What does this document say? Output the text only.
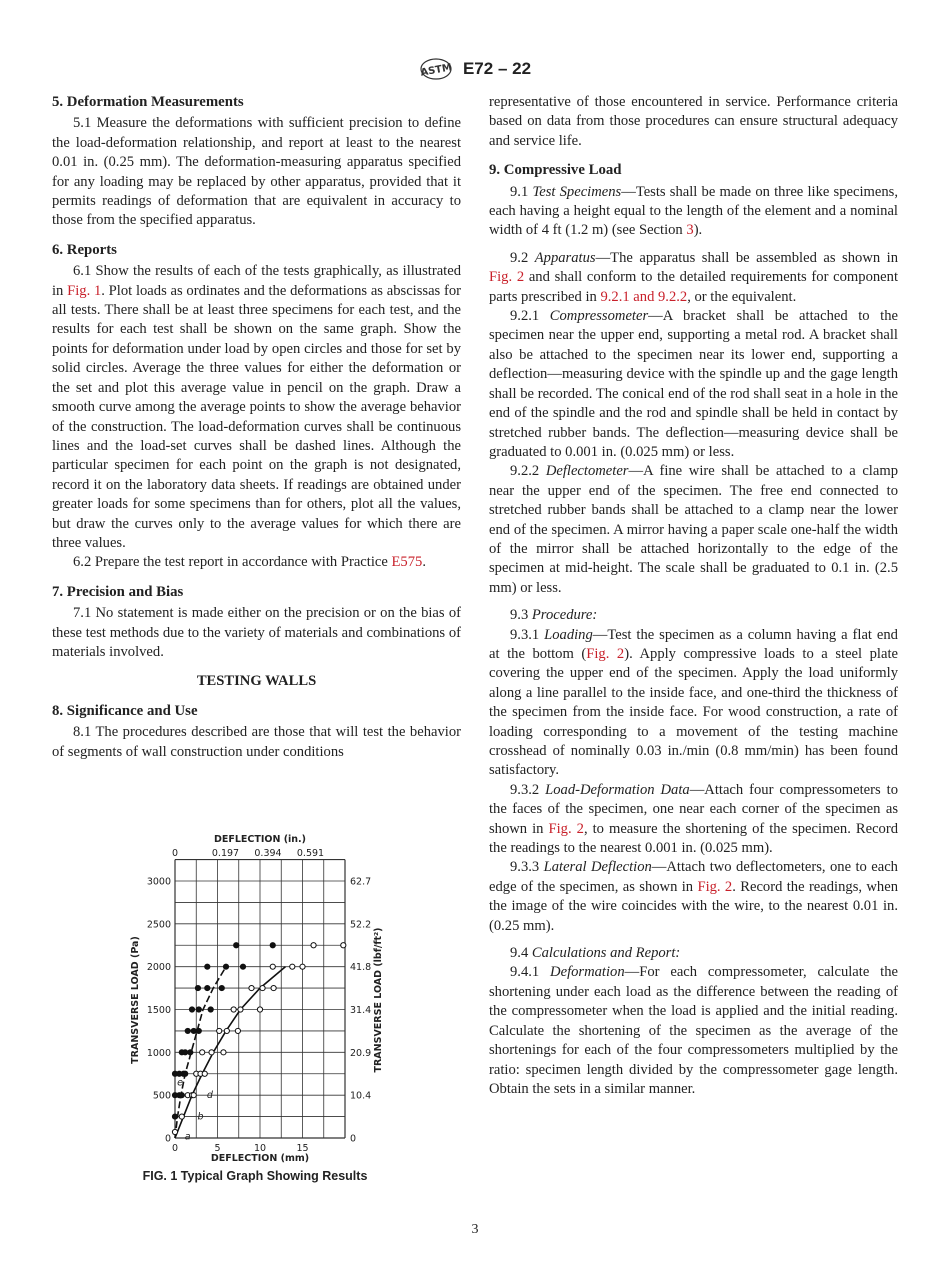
ASTM E72 – 22
5. Deformation Measurements

5.1 Measure the deformations with sufficient precision to define the load-deformation relationship, and report at least to the nearest 0.01 in. (0.25 mm). The deformation-measuring apparatus specified for any loading may be replaced by other apparatus, provided that it permits readings of deformation that are equivalent in accuracy to those from the specified apparatus.

6. Reports

6.1 Show the results of each of the tests graphically, as illustrated in Fig. 1. Plot loads as ordinates and the deformations as abscissas for all tests. There shall be at least three specimens for each test, and the results for each test shall be shown on the same graph. Show the points for deformation under load by open circles and those for set by solid circles. Average the three values for either the deformation or the set and plot this average value in pencil on the graph. Draw a smooth curve among the average points to show the average behavior of the construction. The load-deformation curves shall be continuous lines and the load-set curves shall be dashed lines. Although the particular specimen for each point on the graph is not designated, record it on the laboratory data sheets. If readings are obtained under greater loads for some specimens than for others, plot all the values, but draw the curves only to the average values for which there are three values.

6.2 Prepare the test report in accordance with Practice E575.

7. Precision and Bias

7.1 No statement is made either on the precision or on the bias of these test methods due to the variety of materials and combinations of materials involved.

TESTING WALLS
8. Significance and Use

8.1 The procedures described are those that will test the behavior of segments of wall construction under conditions

representative of those encountered in service. Performance criteria based on data from those procedures can ensure structural adequacy and service life.

9. Compressive Load

9.1 Test Specimens—Tests shall be made on three like specimens, each having a height equal to the length of the element and a nominal width of 4 ft (1.2 m) (see Section 3).

9.2 Apparatus—The apparatus shall be assembled as shown in Fig. 2 and shall conform to the detailed requirements for component parts prescribed in 9.2.1 and 9.2.2, or the equivalent.

9.2.1 Compressometer—A bracket shall be attached to the specimen near the upper end, supporting a metal rod. A bracket shall also be attached to the specimen near its lower end, supporting a deflection—measuring device with the spindle up and the gage length shall be recorded. The conical end of the rod shall seat in a hole in the end of the spindle and the rod and spindle shall be held in contact by stretched rubber bands. The deflection—measuring device shall be graduated to 0.001 in. (0.025 mm) or less.

9.2.2 Deflectometer—A fine wire shall be attached to a clamp near the upper end of the specimen. The free end connected to stretched rubber bands shall be attached to a clamp near the lower end of the specimen. A mirror having a paper scale one-half the width of the mirror shall be attached horizontally to the edge of the specimen at mid-height. The scale shall be graduated to 0.1 in. (2.5 mm) or less.

9.3 Procedure:

9.3.1 Loading—Test the specimen as a column having a flat end at the bottom (Fig. 2). Apply compressive loads to a steel plate covering the upper end of the specimen. Apply the load uniformly along a line parallel to the inside face, and one-third the thickness of the specimen from the inside face. For wood construction, a rate of loading corresponding to a movement of the testing machine crosshead of nominally 0.03 in./min (0.8 mm/min) has been found satisfactory.

9.3.2 Load-Deformation Data—Attach four compressometers to the faces of the specimen, one near each corner of the specimen as shown in Fig. 2, to measure the shortening of the specimen. Record the readings to the nearest 0.001 in. (0.025 mm).

9.3.3 Lateral Deflection—Attach two deflectometers, one to each edge of the specimen, as shown in Fig. 2. Record the readings, when the image of the wire coincides with the wire, to the nearest 0.01 in. (0.25 mm).

9.4 Calculations and Report:

9.4.1 Deformation—For each compressometer, calculate the shortening under each load as the difference between the reading of the compressometer when the load is applied and the initial reading. Calculate the shortening of the specimen as the average of the shortenings for each of the four compressometers multiplied by the ratio: specimen length divided by the compressometer gage length. Obtain the sets in a similar manner.

0
0
5
0.197
10
0.394
15
0.591
0	0
500	10.4
1000	20.9
1500	31.4
2000	41.8
2500	52.2
3000	62.7
DEFLECTION (mm)
DEFLECTION (in.)
TRANSVERSE LOAD (Pa)	TRANSVERSE LOAD (lbf/ft²)
a
b
d
e
FIG. 1 Typical Graph Showing Results
3
